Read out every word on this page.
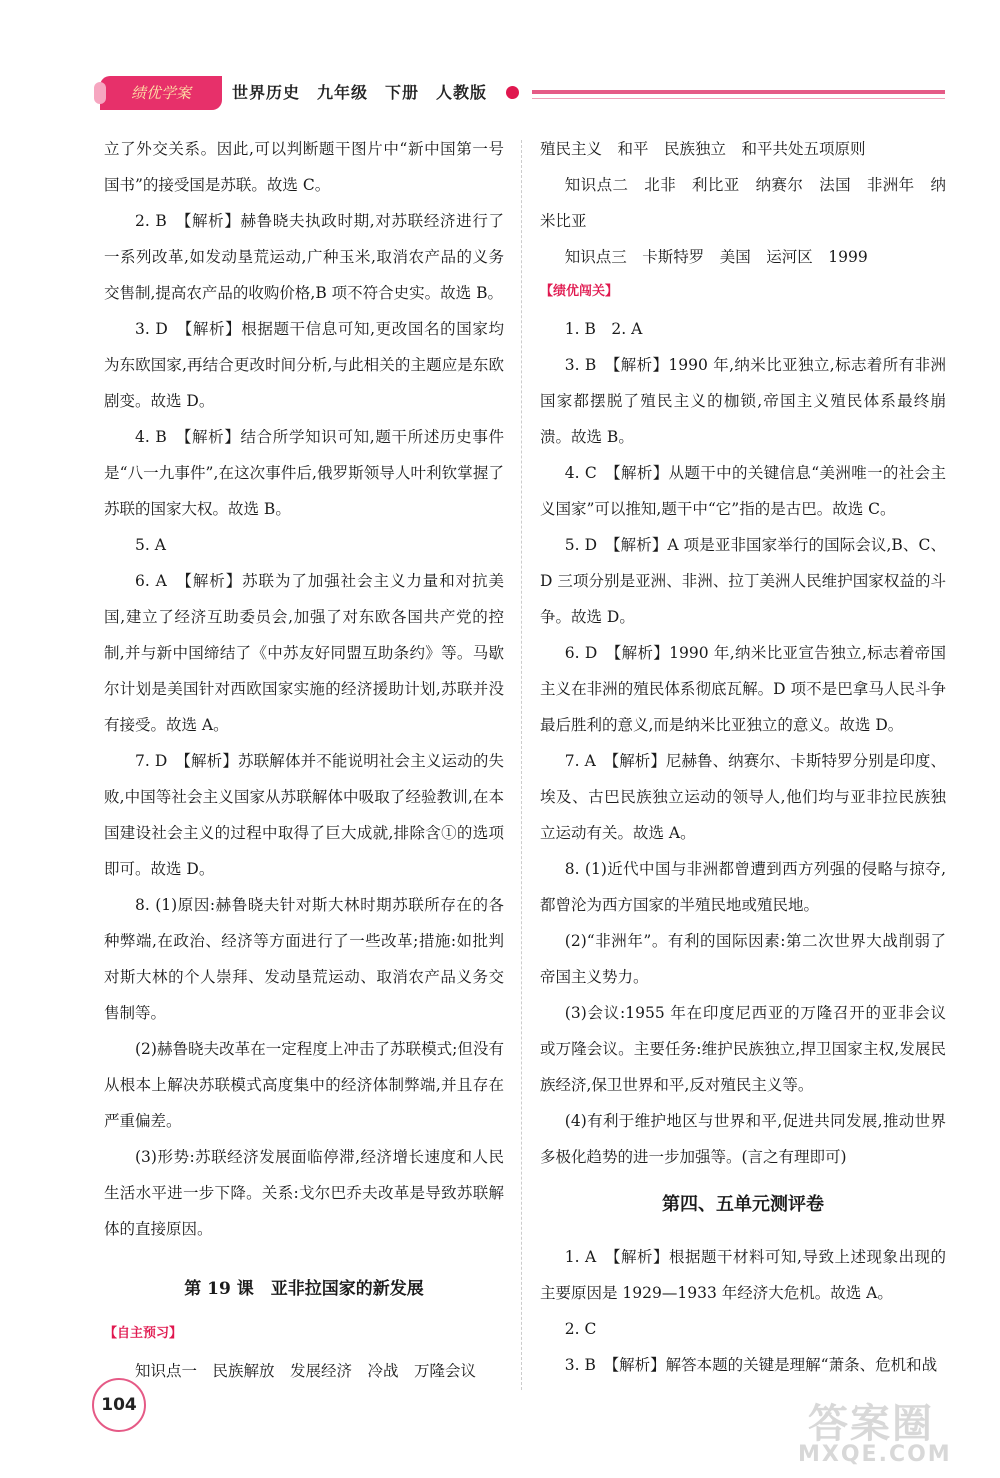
绩优学案	世界历史　九年级　下册　人教版

立了外交关系。因此,可以判断题干图片中“新中国第一号国书”的接受国是苏联。故选 C。

2. B　【解析】赫鲁晓夫执政时期,对苏联经济进行了一系列改革,如发动垦荒运动,广种玉米,取消农产品的义务交售制,提高农产品的收购价格,B 项不符合史实。故选 B。

3. D　【解析】根据题干信息可知,更改国名的国家均为东欧国家,再结合更改时间分析,与此相关的主题应是东欧剧变。故选 D。

4. B　【解析】结合所学知识可知,题干所述历史事件是“八一九事件”,在这次事件后,俄罗斯领导人叶利钦掌握了苏联的国家大权。故选 B。

5. A

6. A　【解析】苏联为了加强社会主义力量和对抗美国,建立了经济互助委员会,加强了对东欧各国共产党的控制,并与新中国缔结了《中苏友好同盟互助条约》等。马歇尔计划是美国针对西欧国家实施的经济援助计划,苏联并没有接受。故选 A。

7. D　【解析】苏联解体并不能说明社会主义运动的失败,中国等社会主义国家从苏联解体中吸取了经验教训,在本国建设社会主义的过程中取得了巨大成就,排除含①的选项即可。故选 D。

8. (1)原因:赫鲁晓夫针对斯大林时期苏联所存在的各种弊端,在政治、经济等方面进行了一些改革;措施:如批判对斯大林的个人崇拜、发动垦荒运动、取消农产品义务交售制等。

(2)赫鲁晓夫改革在一定程度上冲击了苏联模式;但没有从根本上解决苏联模式高度集中的经济体制弊端,并且存在严重偏差。

(3)形势:苏联经济发展面临停滞,经济增长速度和人民生活水平进一步下降。关系:戈尔巴乔夫改革是导致苏联解体的直接原因。

第 19 课　亚非拉国家的新发展
【自主预习】

知识点一　民族解放　发展经济　冷战　万隆会议

殖民主义　和平　民族独立　和平共处五项原则

知识点二　北非　利比亚　纳赛尔　法国　非洲年　纳米比亚

知识点三　卡斯特罗　美国　运河区　1999

【绩优闯关】

1. B　2. A

3. B　【解析】1990 年,纳米比亚独立,标志着所有非洲国家都摆脱了殖民主义的枷锁,帝国主义殖民体系最终崩溃。故选 B。

4. C　【解析】从题干中的关键信息“美洲唯一的社会主义国家”可以推知,题干中“它”指的是古巴。故选 C。

5. D　【解析】A 项是亚非国家举行的国际会议,B、C、D 三项分别是亚洲、非洲、拉丁美洲人民维护国家权益的斗争。故选 D。

6. D　【解析】1990 年,纳米比亚宣告独立,标志着帝国主义在非洲的殖民体系彻底瓦解。D 项不是巴拿马人民斗争最后胜利的意义,而是纳米比亚独立的意义。故选 D。

7. A　【解析】尼赫鲁、纳赛尔、卡斯特罗分别是印度、埃及、古巴民族独立运动的领导人,他们均与亚非拉民族独立运动有关。故选 A。

8. (1)近代中国与非洲都曾遭到西方列强的侵略与掠夺,都曾沦为西方国家的半殖民地或殖民地。

(2)“非洲年”。有利的国际因素:第二次世界大战削弱了帝国主义势力。

(3)会议:1955 年在印度尼西亚的万隆召开的亚非会议或万隆会议。主要任务:维护民族独立,捍卫国家主权,发展民族经济,保卫世界和平,反对殖民主义等。

(4)有利于维护地区与世界和平,促进共同发展,推动世界多极化趋势的进一步加强等。(言之有理即可)

第四、五单元测评卷

1. A　【解析】根据题干材料可知,导致上述现象出现的主要原因是 1929—1933 年经济大危机。故选 A。

2. C

3. B　【解析】解答本题的关键是理解“萧条、危机和战

104	答案圈
MXQE.COM
